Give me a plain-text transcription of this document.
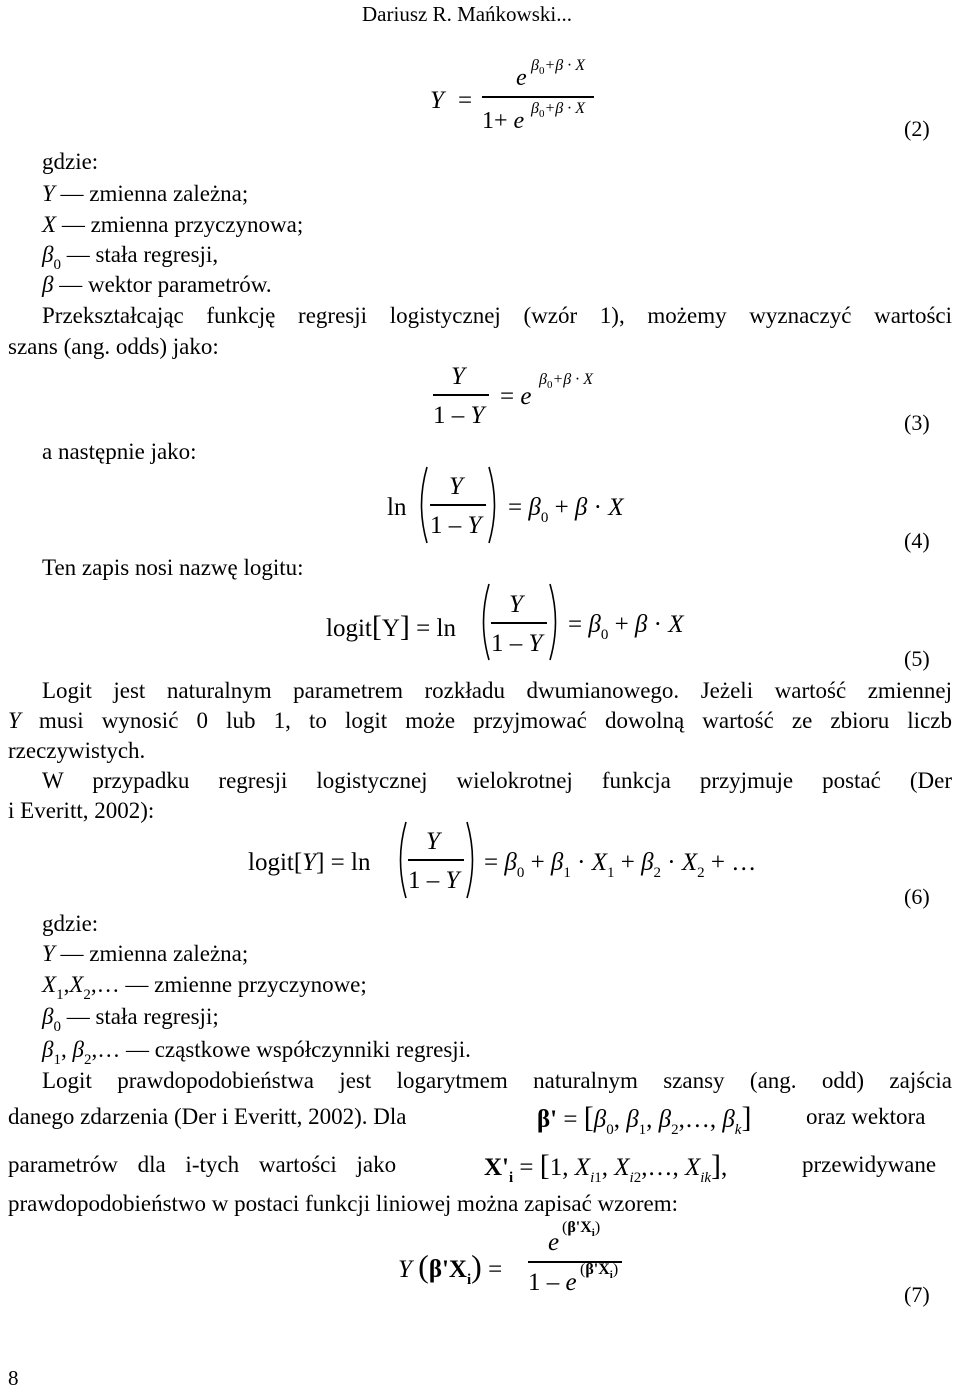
Dariusz R. Mańkowski...
Y =
e $\beta_0+\beta \cdot X$
1+ e $\beta_0+\beta \cdot X$
(2)
gdzie:
Y — zmienna zależna;
X — zmienna przyczynowa;
$\beta_0$ — stała regresji,
β — wektor parametrów.
Przekształcając funkcję regresji logistycznej (wzór 1), możemy wyznaczyć wartości
szans (ang. odds) jako:
Y
1 – Y
= e
$\beta_0+\beta \cdot X$
(3)
a następnie jako:
ln
Y
1 – Y
= $\beta_0 + \beta \cdot X$
(4)
Ten zapis nosi nazwę logitu:
logit[Y] = ln
Y
1 – Y
= $\beta_0 + \beta \cdot X$
(5)
Logit jest naturalnym parametrem rozkładu dwumianowego. Jeżeli wartość zmiennej
Y musi wynosić 0 lub 1, to logit może przyjmować dowolną wartość ze zbioru liczb
rzeczywistych.
W przypadku regresji logistycznej wielokrotnej funkcja przyjmuje postać (Der
i Everitt, 2002):
logit[Y] = ln
Y
1 – Y
= $\beta_0 + \beta_1 \cdot X_1 + \beta_2 \cdot X_2$ + …
(6)
gdzie:
Y — zmienna zależna;
$X_1,X_2,\dots$ — zmienne przyczynowe;
$\beta_0$ — stała regresji;
$\beta_1$, $\beta_2,\dots$ — cząstkowe współczynniki regresji.
Logit prawdopodobieństwa jest logarytmem naturalnym szansy (ang. odd) zajścia
danego zdarzenia (Der i Everitt, 2002). Dla	$\beta' = [\beta_0$, $\beta_1$, $\beta_2,\dots$, $\beta_k$] oraz wektora
parametrów dla i-tych wartości jako	$X'_i = [1$, $X_{i1}$, $X_{i2},\dots$, $X_{ik}$],	przewidywane
prawdopodobieństwo w postaci funkcji liniowej można zapisać wzorem:
Y $(\beta'X_i)$ =
e
$(\beta'X_i)$
1 – e $(\beta'X_i)$
(7)
8
